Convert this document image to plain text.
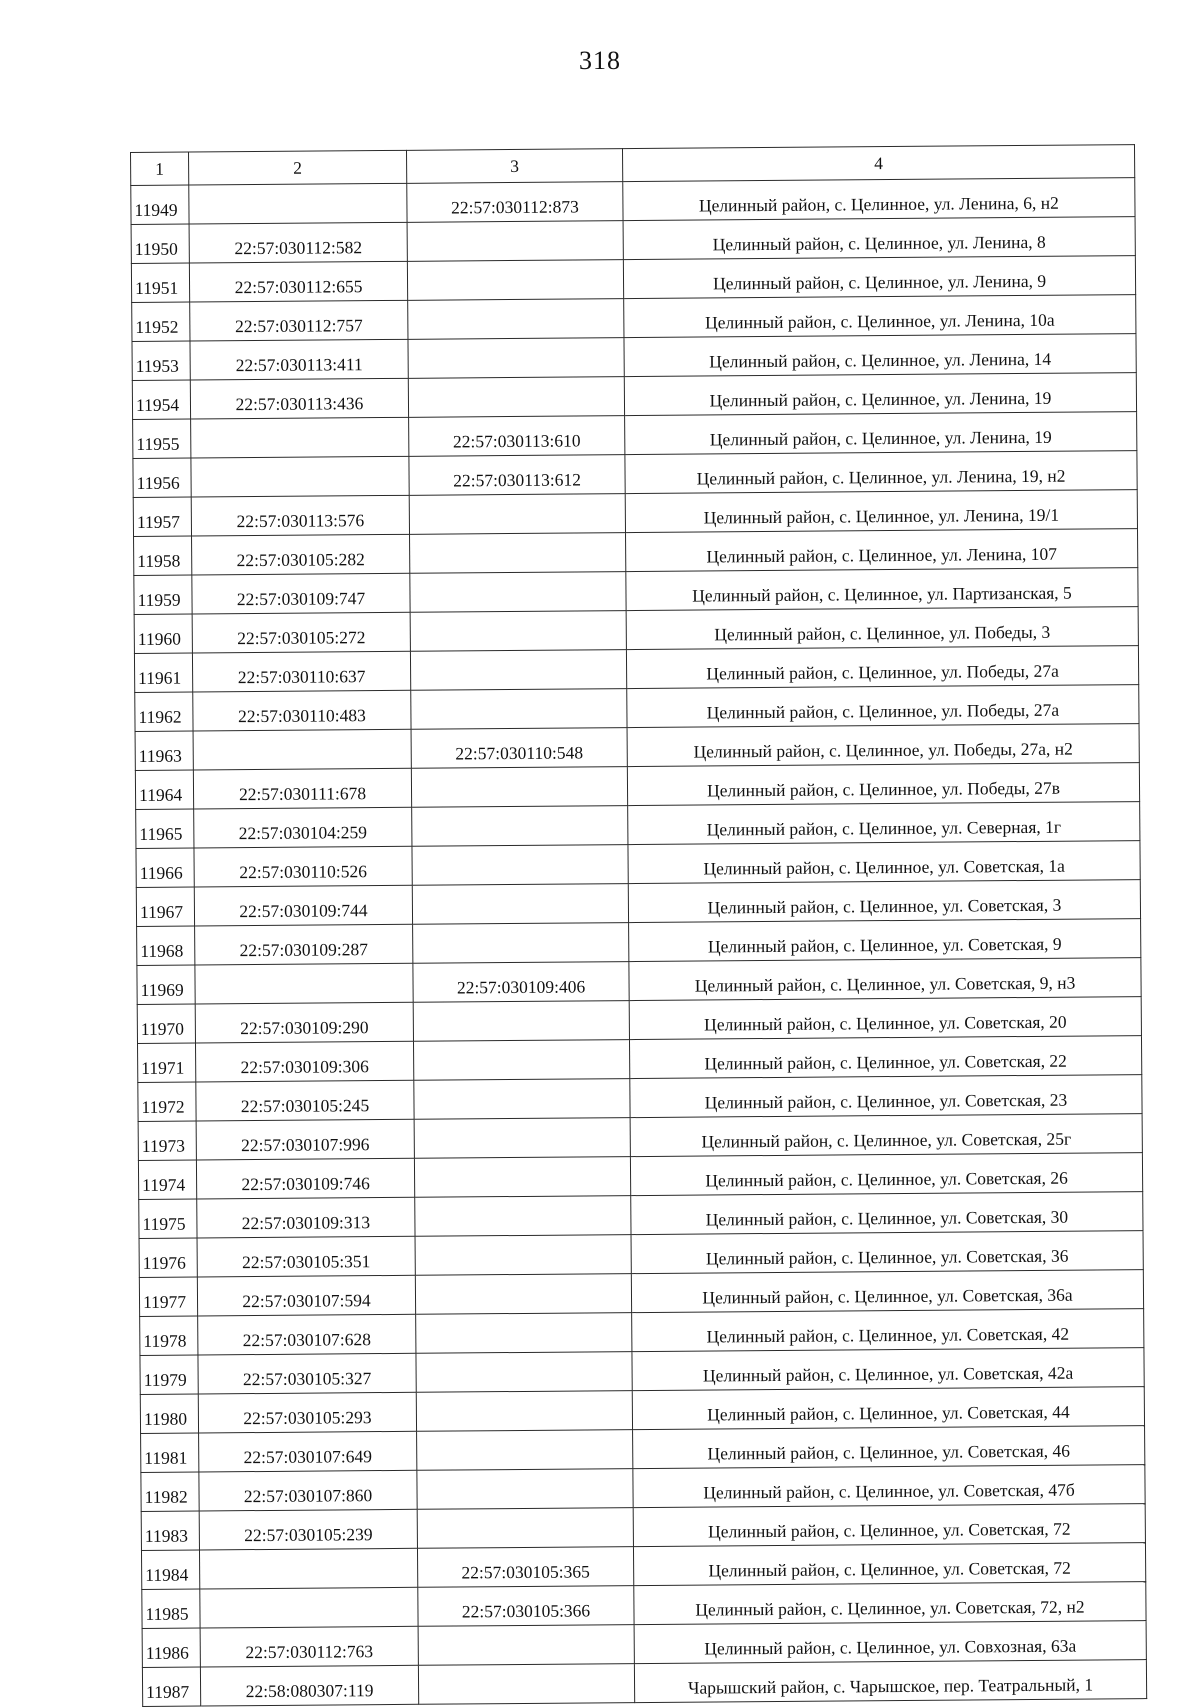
318
1	2	3	4
11949		22:57:030112:873	Целинный район, с. Целинное, ул. Ленина, 6, н2
11950	22:57:030112:582		Целинный район, с. Целинное, ул. Ленина, 8
11951	22:57:030112:655		Целинный район, с. Целинное, ул. Ленина, 9
11952	22:57:030112:757		Целинный район, с. Целинное, ул. Ленина, 10а
11953	22:57:030113:411		Целинный район, с. Целинное, ул. Ленина, 14
11954	22:57:030113:436		Целинный район, с. Целинное, ул. Ленина, 19
11955		22:57:030113:610	Целинный район, с. Целинное, ул. Ленина, 19
11956		22:57:030113:612	Целинный район, с. Целинное, ул. Ленина, 19, н2
11957	22:57:030113:576		Целинный район, с. Целинное, ул. Ленина, 19/1
11958	22:57:030105:282		Целинный район, с. Целинное, ул. Ленина, 107
11959	22:57:030109:747		Целинный район, с. Целинное, ул. Партизанская, 5
11960	22:57:030105:272		Целинный район, с. Целинное, ул. Победы, 3
11961	22:57:030110:637		Целинный район, с. Целинное, ул. Победы, 27а
11962	22:57:030110:483		Целинный район, с. Целинное, ул. Победы, 27а
11963		22:57:030110:548	Целинный район, с. Целинное, ул. Победы, 27а, н2
11964	22:57:030111:678		Целинный район, с. Целинное, ул. Победы, 27в
11965	22:57:030104:259		Целинный район, с. Целинное, ул. Северная, 1г
11966	22:57:030110:526		Целинный район, с. Целинное, ул. Советская, 1а
11967	22:57:030109:744		Целинный район, с. Целинное, ул. Советская, 3
11968	22:57:030109:287		Целинный район, с. Целинное, ул. Советская, 9
11969		22:57:030109:406	Целинный район, с. Целинное, ул. Советская, 9, н3
11970	22:57:030109:290		Целинный район, с. Целинное, ул. Советская, 20
11971	22:57:030109:306		Целинный район, с. Целинное, ул. Советская, 22
11972	22:57:030105:245		Целинный район, с. Целинное, ул. Советская, 23
11973	22:57:030107:996		Целинный район, с. Целинное, ул. Советская, 25г
11974	22:57:030109:746		Целинный район, с. Целинное, ул. Советская, 26
11975	22:57:030109:313		Целинный район, с. Целинное, ул. Советская, 30
11976	22:57:030105:351		Целинный район, с. Целинное, ул. Советская, 36
11977	22:57:030107:594		Целинный район, с. Целинное, ул. Советская, 36а
11978	22:57:030107:628		Целинный район, с. Целинное, ул. Советская, 42
11979	22:57:030105:327		Целинный район, с. Целинное, ул. Советская, 42а
11980	22:57:030105:293		Целинный район, с. Целинное, ул. Советская, 44
11981	22:57:030107:649		Целинный район, с. Целинное, ул. Советская, 46
11982	22:57:030107:860		Целинный район, с. Целинное, ул. Советская, 47б
11983	22:57:030105:239		Целинный район, с. Целинное, ул. Советская, 72
11984		22:57:030105:365	Целинный район, с. Целинное, ул. Советская, 72
11985		22:57:030105:366	Целинный район, с. Целинное, ул. Советская, 72, н2
11986	22:57:030112:763		Целинный район, с. Целинное, ул. Совхозная, 63а
11987	22:58:080307:119		Чарышский район, с. Чарышское, пер. Театральный, 1
